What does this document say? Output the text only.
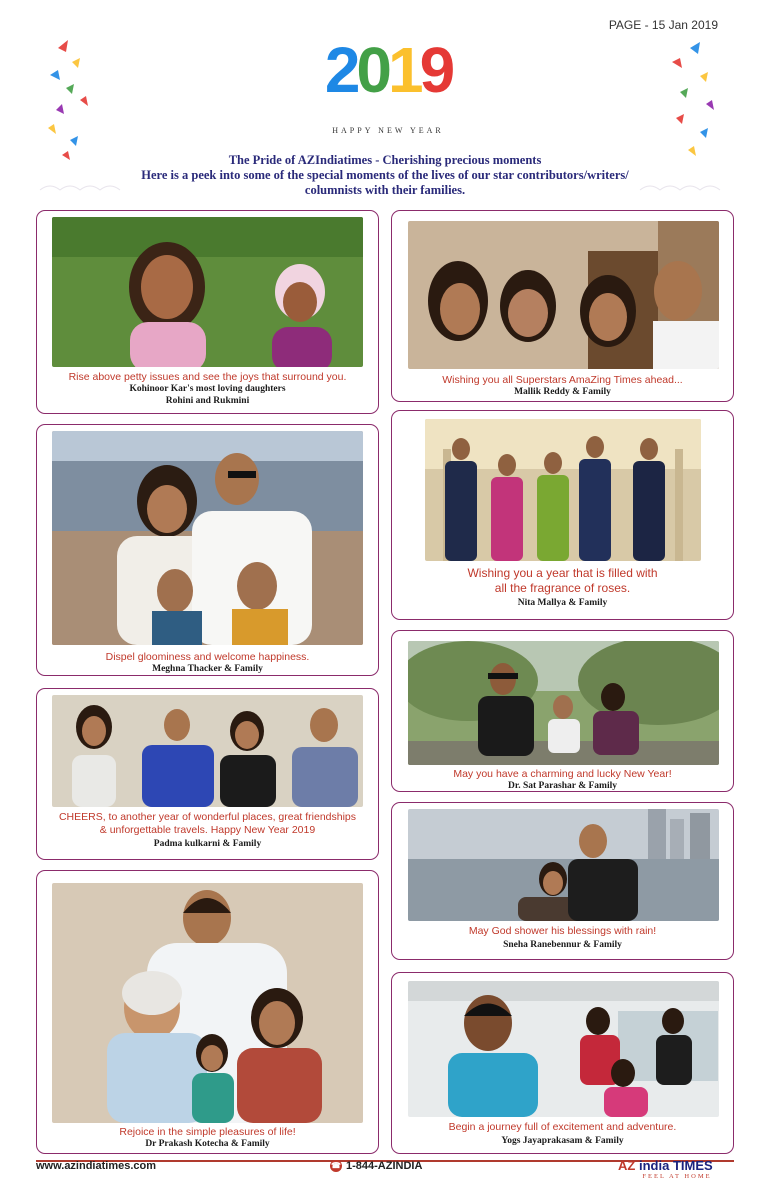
PAGE - 15 Jan 2019
2019
HAPPY NEW YEAR
The Pride of AZIndiatimes - Cherishing precious moments
Here is a peek into some of the special moments of the lives of our star contributors/writers/
columnists with their families.
Rise above petty issues and see the joys that surround you.
Kohinoor Kar's most loving daughters
Rohini and Rukmini
Wishing you all Superstars AmaZing Times ahead...
Mallik Reddy & Family
Dispel gloominess and welcome happiness.
Meghna Thacker & Family
Wishing you a year that is filled with
all the fragrance of roses.
Nita Mallya & Family
CHEERS, to another year of wonderful places, great friendships
& unforgettable travels. Happy New Year 2019
Padma kulkarni & Family
May you have a charming and lucky New Year!
Dr. Sat Parashar & Family
May God shower his blessings with rain!
Sneha Ranebennur & Family
Rejoice in the simple pleasures of life!
Dr Prakash Kotecha & Family
Begin a journey full of excitement and adventure.
Yogs Jayaprakasam & Family
www.azindiatimes.com	☎ 1-844-AZINDIA	AZ india TIMES
FEEL AT HOME
